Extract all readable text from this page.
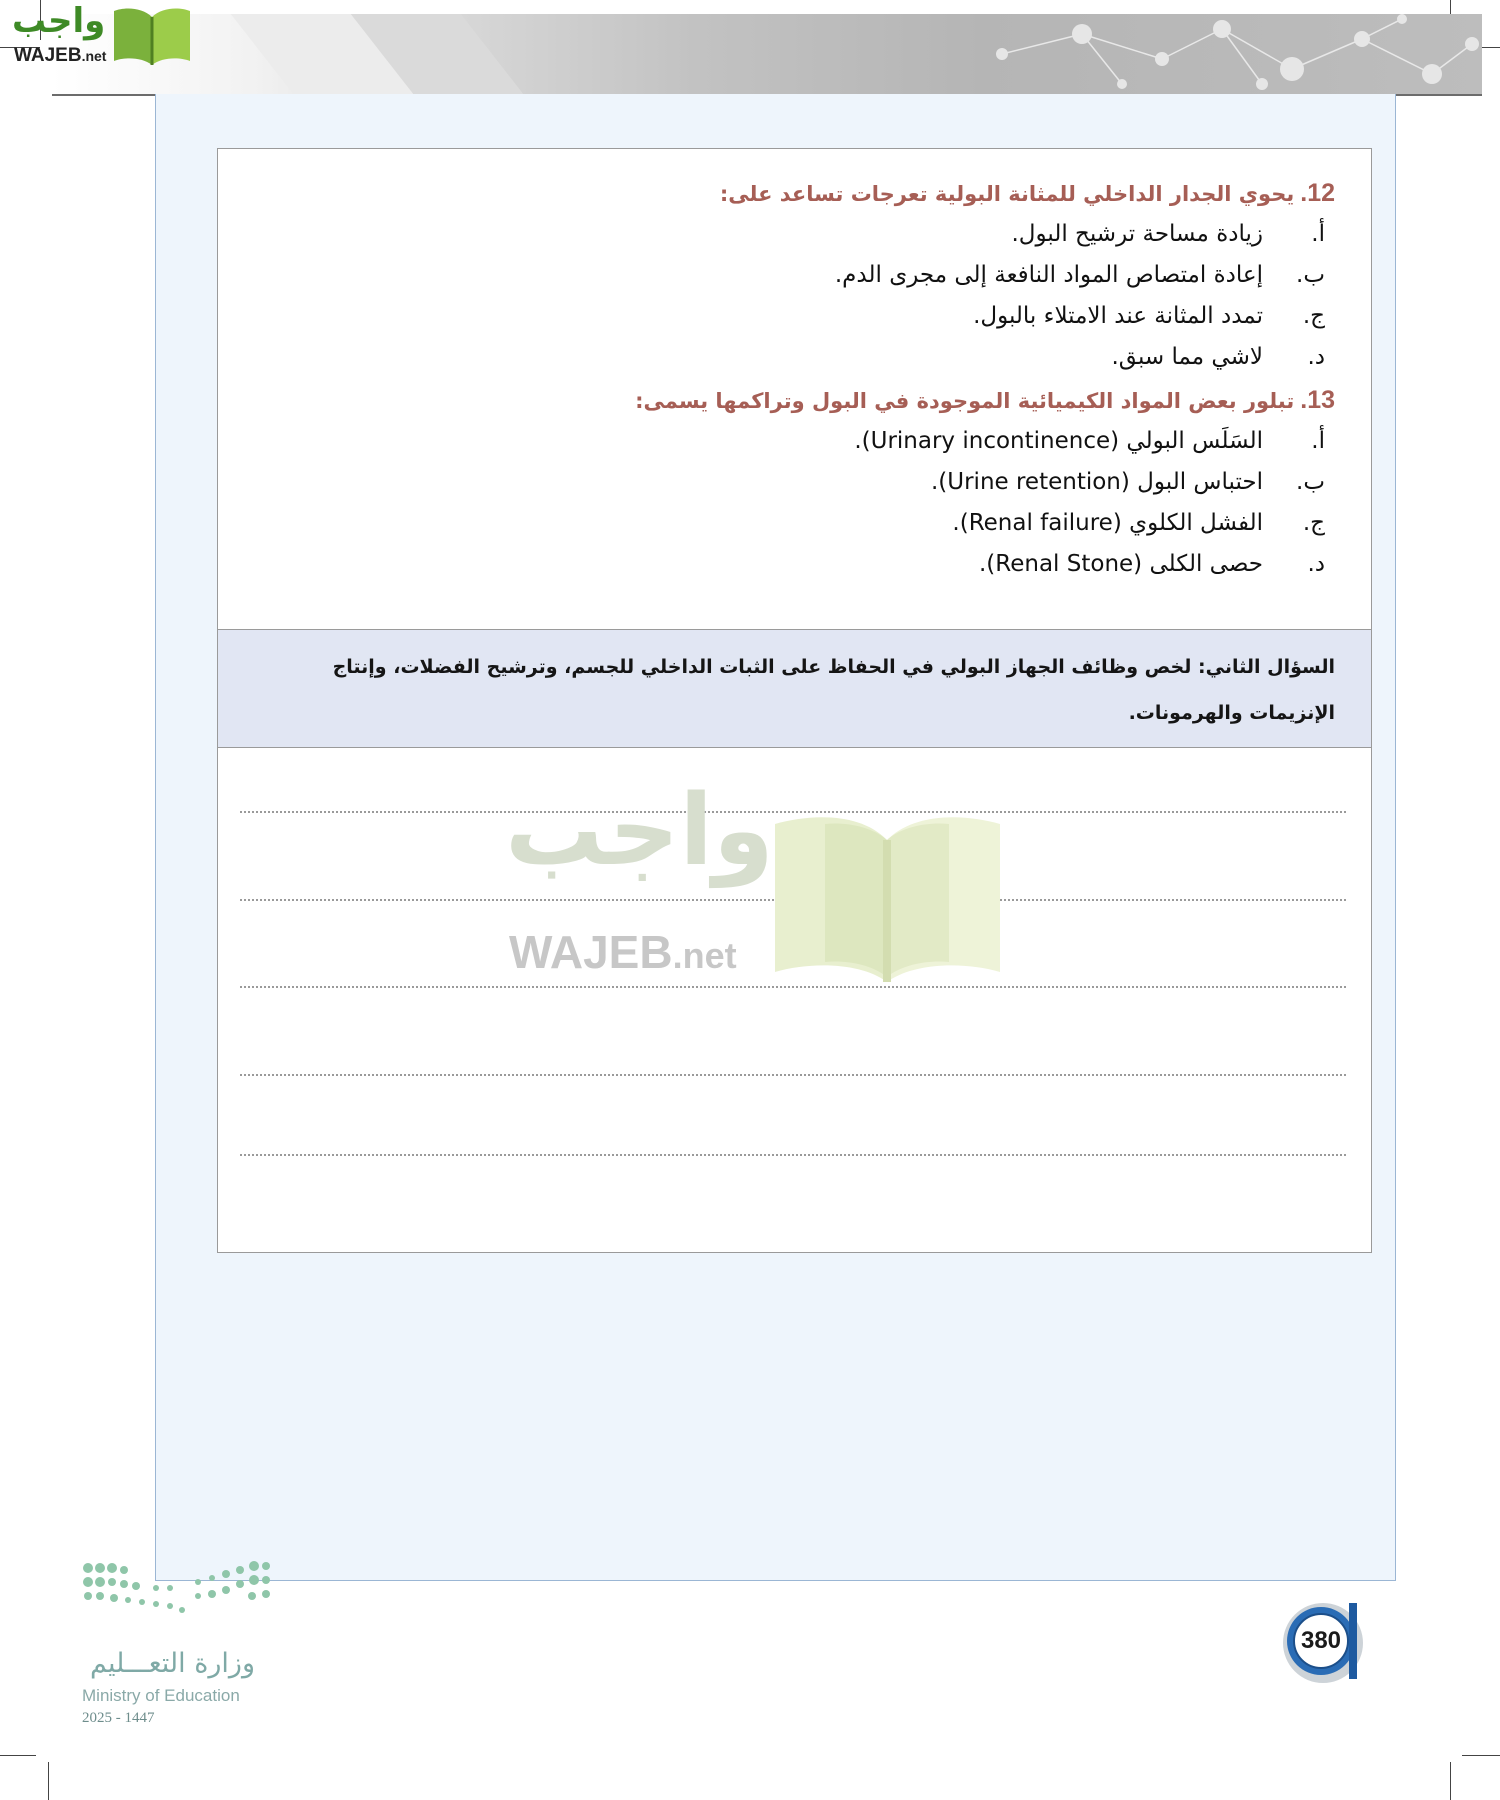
واجب
WAJEB.net
12.يحوي الجدار الداخلي للمثانة البولية تعرجات تساعد على:
أ.زيادة مساحة ترشيح البول.
ب.إعادة امتصاص المواد النافعة إلى مجرى الدم.
ج.تمدد المثانة عند الامتلاء بالبول.
د.لاشي مما سبق.
13.تبلور بعض المواد الكيميائية الموجودة في البول وتراكمها يسمى:
أ.السَلَس البولي (Urinary incontinence).
ب.احتباس البول (Urine retention).
ج.الفشل الكلوي (Renal failure).
د.حصى الكلى (Renal Stone).
السؤال الثاني: لخص وظائف الجهاز البولي في الحفاظ على الثبات الداخلي للجسم، وترشيح الفضلات، وإنتاج الإنزيمات والهرمونات.
واجب
WAJEB.net
وزارة التعـــليم
Ministry of Education
2025 - 1447
380
